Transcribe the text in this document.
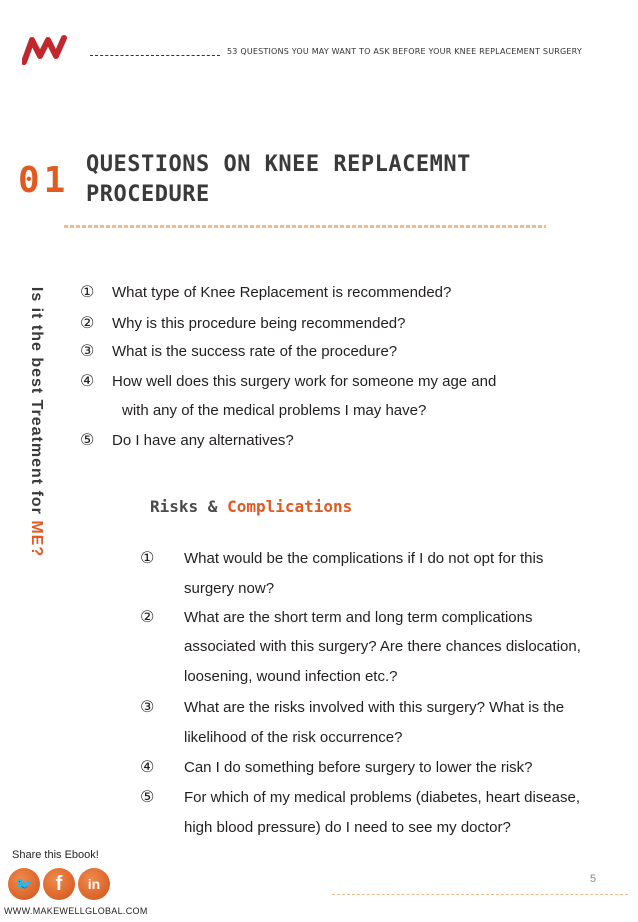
53 QUESTIONS YOU MAY WANT TO ASK BEFORE YOUR KNEE REPLACEMENT SURGERY
01 QUESTIONS ON KNEE REPLACEMNT
PROCEDURE
Is it the best Treatment for ME?
① What type of Knee Replacement is recommended?
② Why is this procedure being recommended?
③ What is the success rate of the procedure?
④ How well does this surgery work for someone my age and
with any of the medical problems I may have?
⑤ Do I have any alternatives?
Risks & Complications
① What would be the complications if I do not opt for this
surgery now?
② What are the short term and long term complications
associated with this surgery? Are there chances dislocation,
loosening, wound infection etc.?
③ What are the risks involved with this surgery? What is the
likelihood of the risk occurrence?
④ Can I do something before surgery to lower the risk?
⑤ For which of my medical problems (diabetes, heart disease,
high blood pressure) do I need to see my doctor?
Share this Ebook!
🐦	f	in
WWW.MAKEWELLGLOBAL.COM
5
